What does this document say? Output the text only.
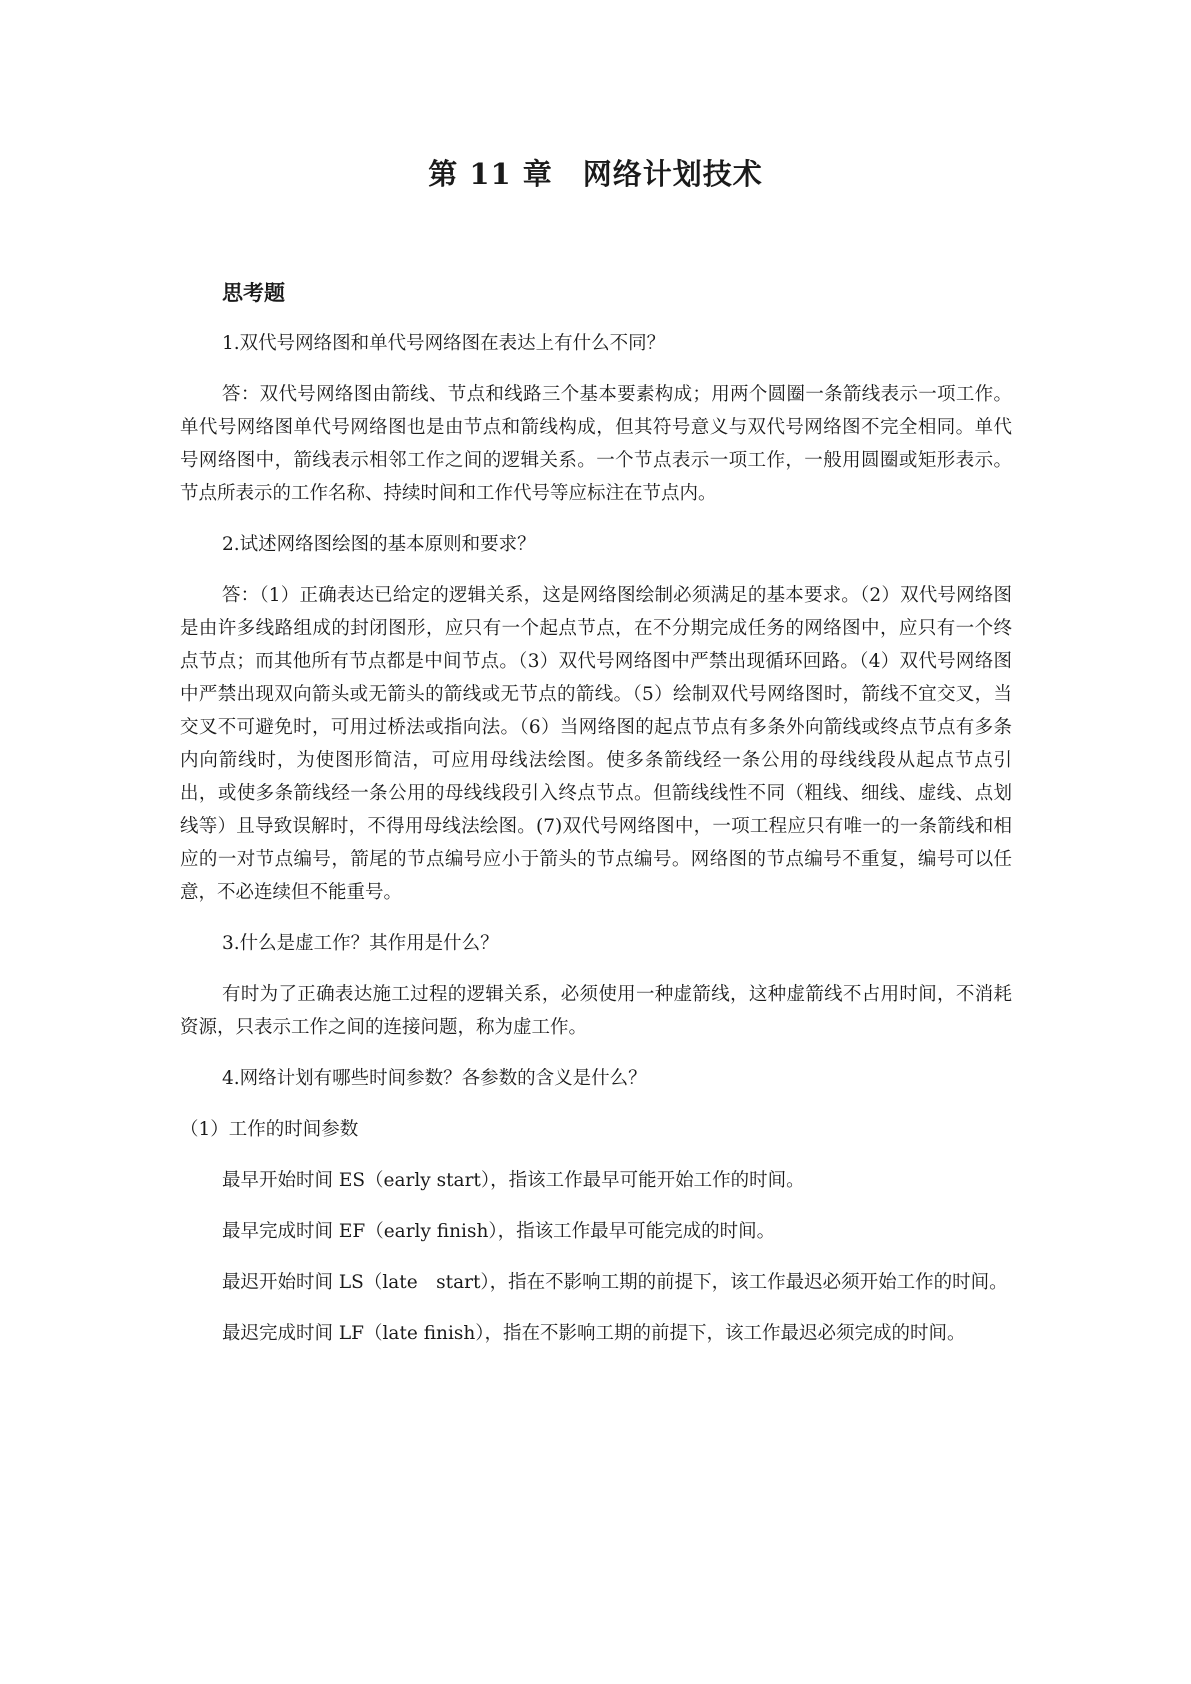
第 11 章　网络计划技术
思考题

1.双代号网络图和单代号网络图在表达上有什么不同？

答：双代号网络图由箭线、节点和线路三个基本要素构成；用两个圆圈一条箭线表示一项工作。单代号网络图单代号网络图也是由节点和箭线构成，但其符号意义与双代号网络图不完全相同。单代号网络图中，箭线表示相邻工作之间的逻辑关系。一个节点表示一项工作，一般用圆圈或矩形表示。节点所表示的工作名称、持续时间和工作代号等应标注在节点内。

2.试述网络图绘图的基本原则和要求？

答：（1）正确表达已给定的逻辑关系，这是网络图绘制必须满足的基本要求。（2）双代号网络图是由许多线路组成的封闭图形，应只有一个起点节点，在不分期完成任务的网络图中，应只有一个终点节点；而其他所有节点都是中间节点。（3）双代号网络图中严禁出现循环回路。（4）双代号网络图中严禁出现双向箭头或无箭头的箭线或无节点的箭线。（5）绘制双代号网络图时，箭线不宜交叉，当交叉不可避免时，可用过桥法或指向法。（6）当网络图的起点节点有多条外向箭线或终点节点有多条内向箭线时，为使图形简洁，可应用母线法绘图。使多条箭线经一条公用的母线线段从起点节点引出，或使多条箭线经一条公用的母线线段引入终点节点。但箭线线性不同（粗线、细线、虚线、点划线等）且导致误解时，不得用母线法绘图。(7)双代号网络图中，一项工程应只有唯一的一条箭线和相应的一对节点编号，箭尾的节点编号应小于箭头的节点编号。网络图的节点编号不重复，编号可以任意，不必连续但不能重号。

3.什么是虚工作？其作用是什么？

有时为了正确表达施工过程的逻辑关系，必须使用一种虚箭线，这种虚箭线不占用时间，不消耗资源，只表示工作之间的连接问题，称为虚工作。

4.网络计划有哪些时间参数？各参数的含义是什么？

（1）工作的时间参数

最早开始时间 ES（early start），指该工作最早可能开始工作的时间。

最早完成时间 EF（early finish），指该工作最早可能完成的时间。

最迟开始时间 LS（late　start），指在不影响工期的前提下，该工作最迟必须开始工作的时间。

最迟完成时间 LF（late finish），指在不影响工期的前提下，该工作最迟必须完成的时间。
